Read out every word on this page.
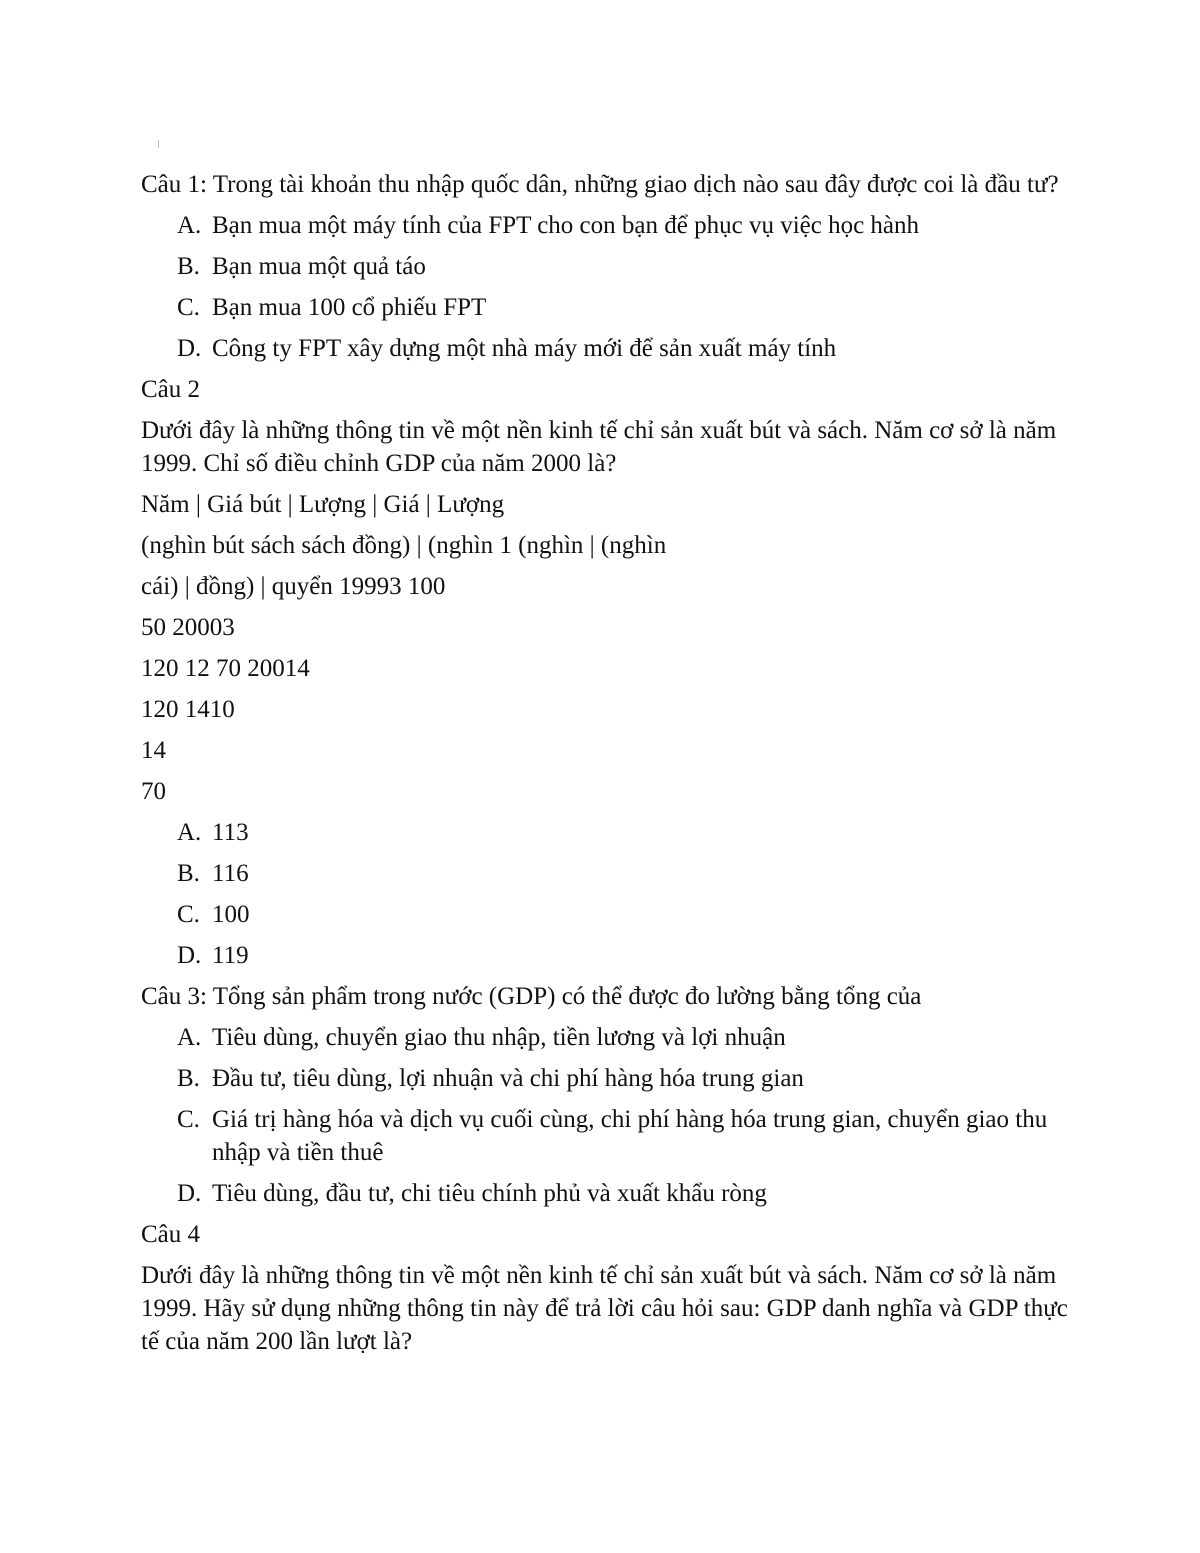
Câu 1: Trong tài khoản thu nhập quốc dân, những giao dịch nào sau đây được coi là đầu tư?
A. Bạn mua một máy tính của FPT cho con bạn để phục vụ việc học hành
B. Bạn mua một quả táo
C. Bạn mua 100 cổ phiếu FPT
D. Công ty FPT xây dựng một nhà máy mới để sản xuất máy tính
Câu 2
Dưới đây là những thông tin về một nền kinh tế chỉ sản xuất bút và sách. Năm cơ sở là năm 1999. Chỉ số điều chỉnh GDP của năm 2000 là?
Năm | Giá bút | Lượng | Giá | Lượng
(nghìn bút sách sách đồng) | (nghìn 1 (nghìn | (nghìn
cái) | đồng) | quyển 19993 100
50 20003
120 12 70 20014
120 1410
14
70
A. 113
B. 116
C. 100
D. 119
Câu 3: Tổng sản phẩm trong nước (GDP) có thể được đo lường bằng tổng của
A. Tiêu dùng, chuyển giao thu nhập, tiền lương và lợi nhuận
B. Đầu tư, tiêu dùng, lợi nhuận và chi phí hàng hóa trung gian
C. Giá trị hàng hóa và dịch vụ cuối cùng, chi phí hàng hóa trung gian, chuyển giao thu nhập và tiền thuê
D. Tiêu dùng, đầu tư, chi tiêu chính phủ và xuất khẩu ròng
Câu 4
Dưới đây là những thông tin về một nền kinh tế chỉ sản xuất bút và sách. Năm cơ sở là năm 1999. Hãy sử dụng những thông tin này để trả lời câu hỏi sau: GDP danh nghĩa và GDP thực tế của năm 200 lần lượt là?
